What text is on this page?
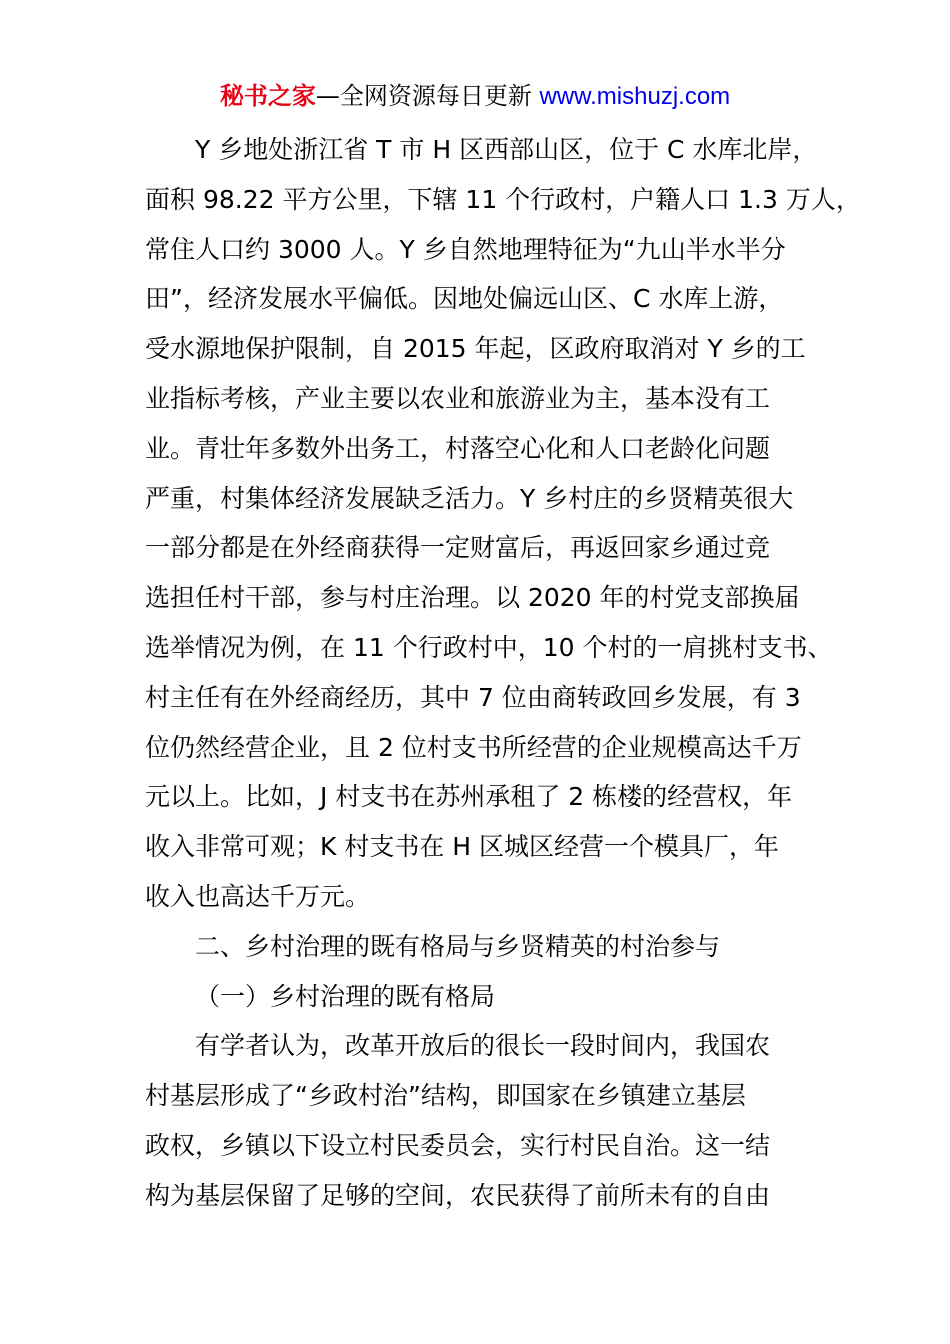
秘书之家—全网资源每日更新 www.mishuzj.com
Y 乡地处浙江省 T 市 H 区西部山区，位于 C 水库北岸，
面积 98.22 平方公里，下辖 11 个行政村，户籍人口 1.3 万人，
常住人口约 3000 人。Y 乡自然地理特征为“九山半水半分
田”，经济发展水平偏低。因地处偏远山区、C 水库上游，
受水源地保护限制，自 2015 年起，区政府取消对 Y 乡的工
业指标考核，产业主要以农业和旅游业为主，基本没有工
业。青壮年多数外出务工，村落空心化和人口老龄化问题
严重，村集体经济发展缺乏活力。Y 乡村庄的乡贤精英很大
一部分都是在外经商获得一定财富后，再返回家乡通过竞
选担任村干部，参与村庄治理。以 2020 年的村党支部换届
选举情况为例，在 11 个行政村中，10 个村的一肩挑村支书、
村主任有在外经商经历，其中 7 位由商转政回乡发展，有 3
位仍然经营企业，且 2 位村支书所经营的企业规模高达千万
元以上。比如，J 村支书在苏州承租了 2 栋楼的经营权，年
收入非常可观；K 村支书在 H 区城区经营一个模具厂，年
收入也高达千万元。
二、乡村治理的既有格局与乡贤精英的村治参与
（一）乡村治理的既有格局
有学者认为，改革开放后的很长一段时间内，我国农
村基层形成了“乡政村治”结构，即国家在乡镇建立基层
政权，乡镇以下设立村民委员会，实行村民自治。这一结
构为基层保留了足够的空间，农民获得了前所未有的自由
